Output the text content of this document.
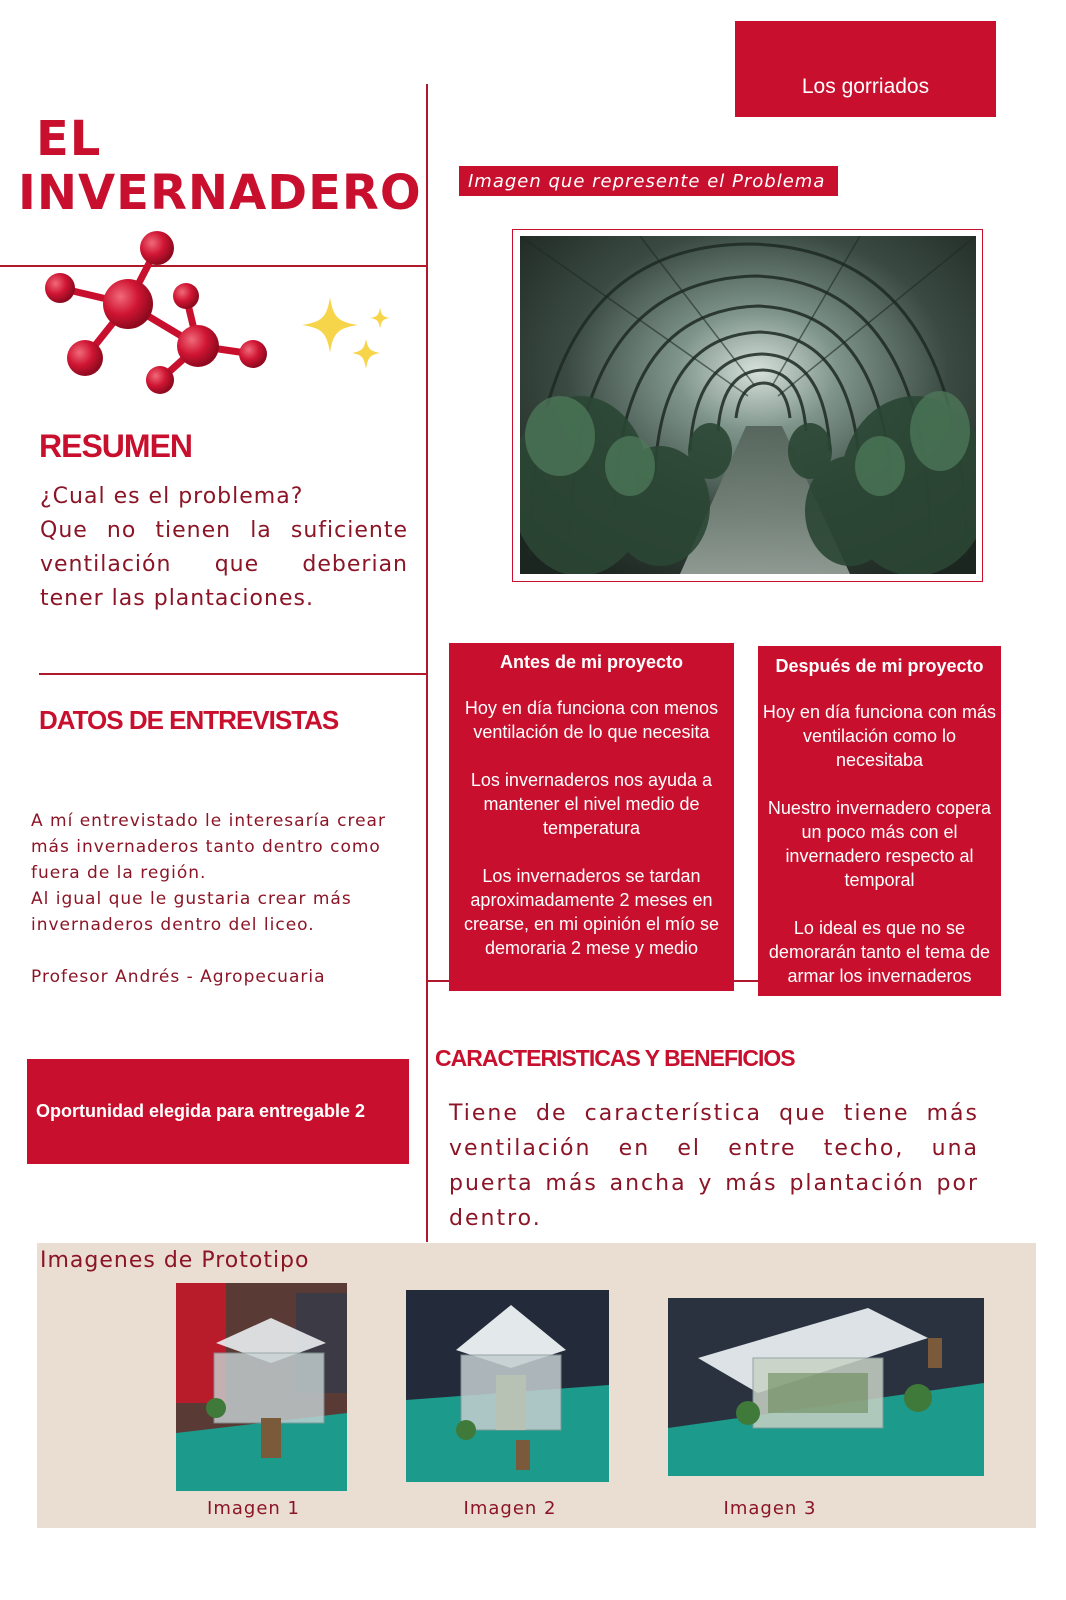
Los gorriados
EL
INVERNADERO	Imagen que represente el Problema
RESUMEN
¿Cual es el problema?
Que no tienen la suficiente ventilación que deberian tener las plantaciones.
DATOS DE ENTREVISTAS
A mí entrevistado le interesaría crear más invernaderos tanto dentro como fuera de la región.
Al igual que le gustaria crear más invernaderos dentro del liceo.
Profesor Andrés - Agropecuaria
Antes de mi proyecto

Hoy en día funciona con menos ventilación de lo que necesita

Los invernaderos nos ayuda a mantener el nivel medio de temperatura

Los invernaderos se tardan aproximadamente 2 meses en crearse, en mi opinión el mío se demoraria 2 mese y medio

Después de mi proyecto

Hoy en día funciona con más ventilación como lo necesitaba

Nuestro invernadero copera un poco más con el invernadero respecto al temporal

Lo ideal es que no se demorarán tanto el tema de armar los invernaderos

Oportunidad elegida para entregable 2
CARACTERISTICAS Y BENEFICIOS
Tiene de característica que tiene más ventilación en el entre techo, una puerta más ancha y más plantación por dentro.
Imagenes de Prototipo
Imagen 1	Imagen 2	Imagen 3
